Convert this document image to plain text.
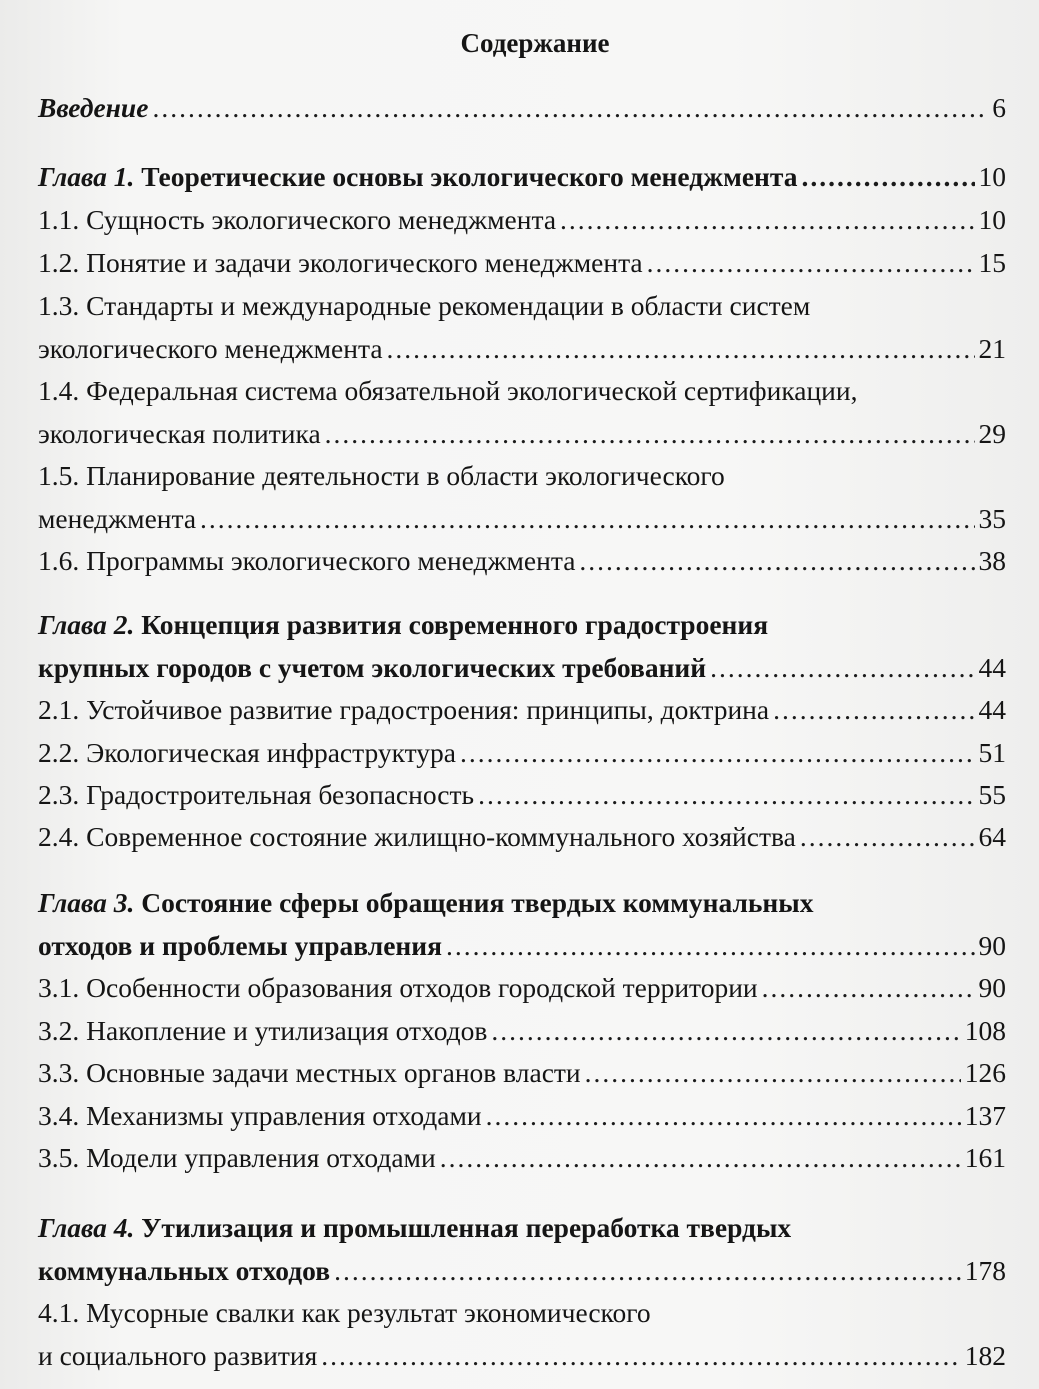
Содержание
Введение .....	6
Глава 1. Теоретические основы экологического менеджмента .....	10
1.1. Сущность экологического менеджмента .....	10
1.2. Понятие и задачи экологического менеджмента .....	15
1.3. Стандарты и международные рекомендации в области систем
экологического менеджмента .....	21
1.4. Федеральная система обязательной экологической сертификации,
экологическая политика .....	29
1.5. Планирование деятельности в области экологического
менеджмента .....	35
1.6. Программы экологического менеджмента .....	38
Глава 2. Концепция развития современного градостроения
крупных городов с учетом экологических требований .....	44
2.1. Устойчивое развитие градостроения: принципы, доктрина .....	44
2.2. Экологическая инфраструктура .....	51
2.3. Градостроительная безопасность .....	55
2.4. Современное состояние жилищно-коммунального хозяйства .....	64
Глава 3. Состояние сферы обращения твердых коммунальных
отходов и проблемы управления .....	90
3.1. Особенности образования отходов городской территории .....	90
3.2. Накопление и утилизация отходов .....	108
3.3. Основные задачи местных органов власти .....	126
3.4. Механизмы управления отходами .....	137
3.5. Модели управления отходами .....	161
Глава 4. Утилизация и промышленная переработка твердых
коммунальных отходов .....	178
4.1. Мусорные свалки как результат экономического
и социального развития .....	182
